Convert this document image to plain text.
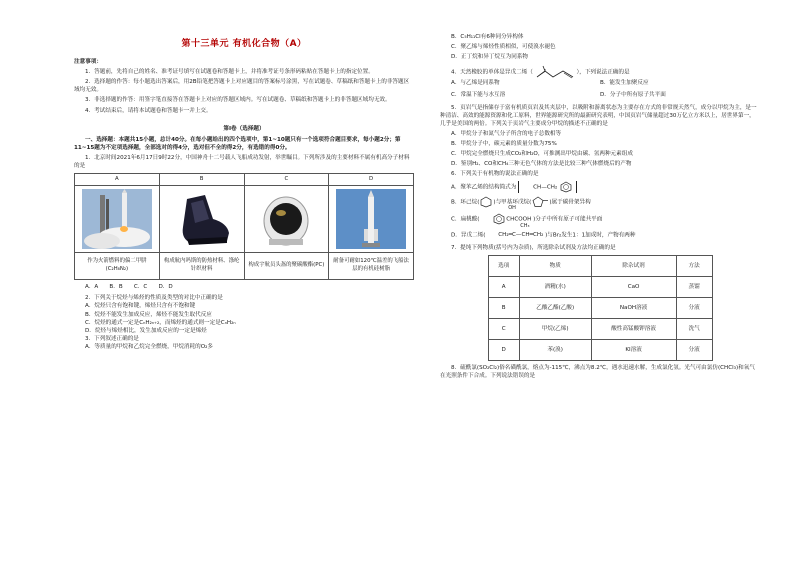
第十三单元 有机化合物（A）

注意事项：

1．答题前，先将自己的姓名、准考证号填写在试题卷和答题卡上，并将准考证号条形码粘贴在答题卡上的指定位置。

2．选择题的作答：每小题选出答案后，用2B铅笔把答题卡上对应题目的答案标号涂黑，写在试题卷、草稿纸和答题卡上的非答题区域均无效。

3．非选择题的作答：用签字笔直接答在答题卡上对应的答题区域内。写在试题卷、草稿纸和答题卡上的非答题区域均无效。

4．考试结束后，请将本试题卷和答题卡一并上交。

第Ⅰ卷（选择题）

一、选择题：本题共15小题，总计40分。在每小题给出的四个选项中，第1~10题只有一个选项符合题目要求，每小题2分；第11~15题为不定项选择题，全部选对的得4分，选对但不全的得2分，有选错的得0分。

1．北京时间2021年6月17日9时22分，中国神舟十二号载人飞船成功发射，举世瞩目。下列所涉及的主要材料不属有机高分子材料的是

A	B	C	D

作为火箭燃料的偏二甲肼(C₂H₈N₂)	构成航内吗斯的防热材料、涤纶针织材料	构成宇航员头盔的聚碳酸酯(PC)	耐备可耐如120℃温差的飞船法层的有机硅树脂

A．A　　B．B　　C．C　　D．D

2．下列关于烷烃与烯烃的性质及类型的对比中正确的是

A．烷烃只含有饱和键，烯烃只含有不饱和键

B．烷烃不能发生加成反应，烯烃不能发生取代反应

C．烷烃的通式一定是CₙH₂ₙ₊₂，而烯烃的通式则一定是CₙH₂ₙ

D．烷烃与烯烃相比，发生加成反应的一定是烯烃

3．下列叙述正确的是

A．等质量的甲烷和乙烷完全燃烧，甲烷消耗的O₂多

B．C₅H₁₁Cl有6种同分异构体

C．聚乙烯与烯烃性质相似，可使溴水褪色

D．正丁烷和异丁烷互为同系物

4．天然橡胶的单体是异戊二烯（	），下列说法正确的是

A．与乙烯是同系物	B．能发生加聚反应
C．常温下能与水互溶	D．分子中所有原子共平面

5．页岩气是指储存于富有机质页岩及其夹层中，以吸附和游离状态为主要存在方式的非常规天然气，成分以甲烷为主，是一种清洁、高效的能源资源和化工原料，世界能源研究所的最新研究表明，中国页岩气储量超过30万亿立方米以上，居世界第一，几乎是美国的两倍。下列关于页岩气主要成分甲烷的描述不正确的是

A．甲烷分子和氮气分子所含的电子总数相等

B．甲烷分子中，碳元素的质量分数为75%

C．甲烷完全燃烧只生成CO₂和H₂O，可推测出甲烷由碳、氢两种元素组成

D．鉴别H₂、CO和CH₄三种无色气体的方法是比较三种气体燃烧后的产物

6．下列关于有机物的说法正确的是

A．聚苯乙烯的结构简式为	CH—CH₂

B．环己烷(	)与甲基环戊烷(	)属于碳骨架异构

C．扁桃酸(	CHCOOH
OH
)分子中所有原子可能共平面

D．异戊二烯(
CH₃
CH₂═C—CH═CH₂ )与Br₂发生1：1加成时，产物有两种

7．提纯下列物质(括号内为杂质)，所选除杂试剂及方法均正确的是

选项	物质	除杂试剂	方法
A	酒精(水)	CaO	蒸馏
B	乙酸乙酯(乙酸)	NaOH溶液	分液
C	甲烷(乙烯)	酸性高锰酸钾溶液	洗气
D	苯(溴)	KI溶液	分液

8．硫酰氯(SO₂Cl₂)俗名磺酰氯，熔点为-115℃，沸点为8.2℃，遇水迅速水解，生成氯化氢。光气可由氯仿(CHCl₃)和氧气在光照条件下合成。下列说法错误的是
